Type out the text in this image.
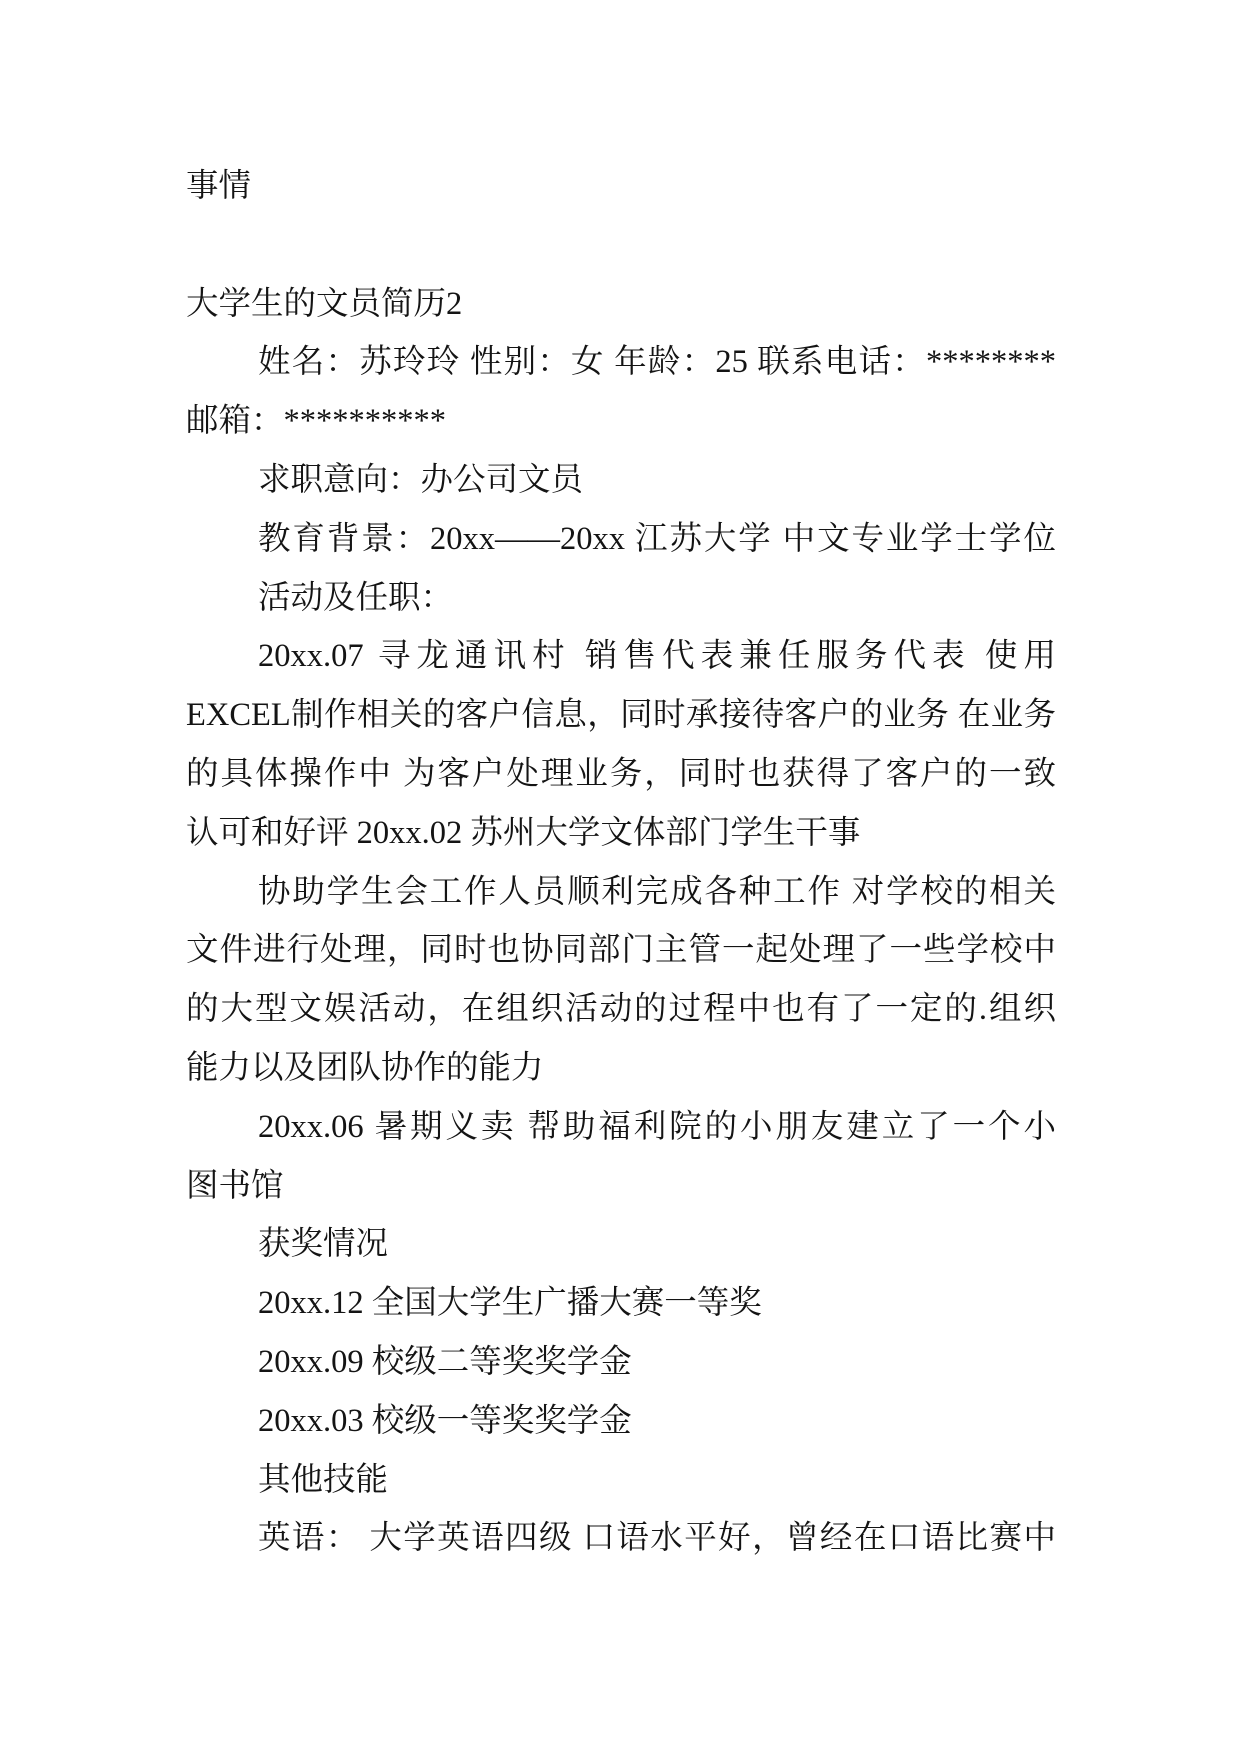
事情
大学生的文员简历2
姓名：苏玲玲 性别：女 年龄：25 联系电话：********
邮箱：**********
求职意向：办公司文员
教育背景：20xx——20xx 江苏大学 中文专业学士学位
活动及任职：
20xx.07 寻龙通讯村 销售代表兼任服务代表 使用
EXCEL制作相关的客户信息，同时承接待客户的业务 在业务
的具体操作中 为客户处理业务，同时也获得了客户的一致
认可和好评 20xx.02 苏州大学文体部门学生干事
协助学生会工作人员顺利完成各种工作 对学校的相关
文件进行处理，同时也协同部门主管一起处理了一些学校中
的大型文娱活动，在组织活动的过程中也有了一定的.组织
能力以及团队协作的能力
20xx.06 暑期义卖 帮助福利院的小朋友建立了一个小
图书馆
获奖情况
20xx.12 全国大学生广播大赛一等奖
20xx.09 校级二等奖奖学金
20xx.03 校级一等奖奖学金
其他技能
英语： 大学英语四级 口语水平好，曾经在口语比赛中
